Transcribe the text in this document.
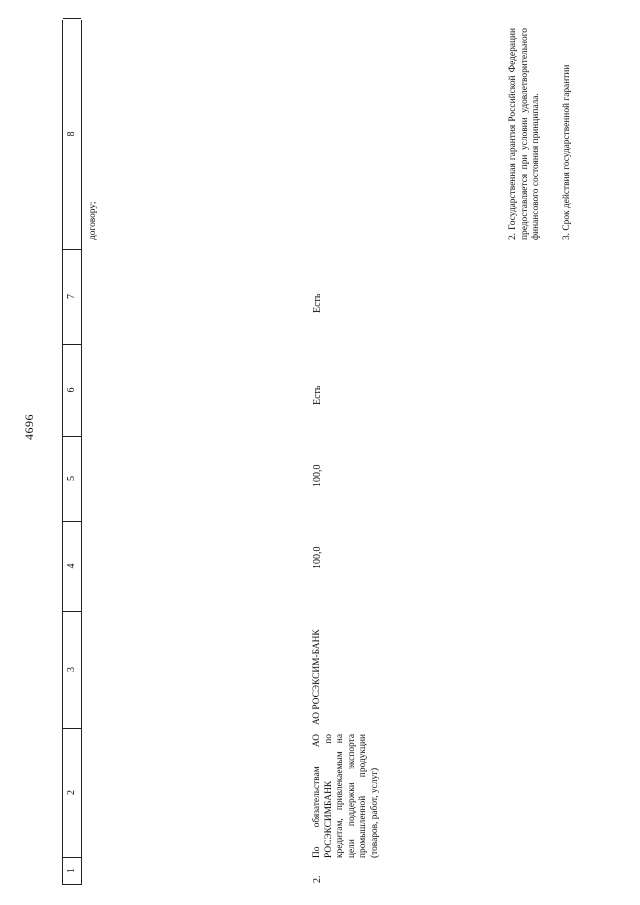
4696
1
2
3
4
5
6
7
8
договору;
2.
По обязательствам АО РОСЭКСИМБАНК по кредитам, привлекаемым на цели поддержки экспорта промышленной продукции (товаров, работ, услуг)
АО РОСЭКСИМ-БАНК
100,0
100,0
Есть
Есть
2. Государственная гарантия Российской Федерации предоставляется при условии удовлетворительного финансового состояния принципала. 3. Срок действия государственной гарантии
